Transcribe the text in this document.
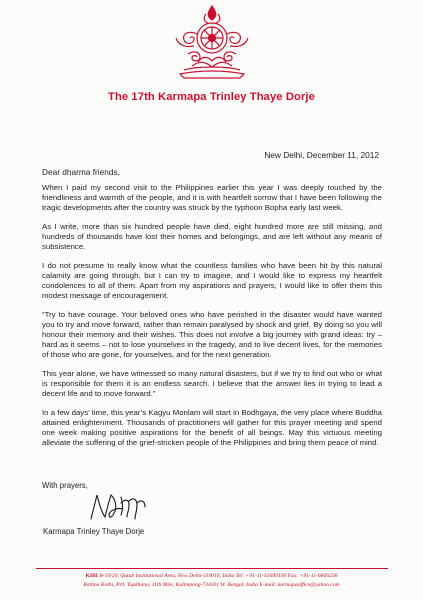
The 17th Karmapa Trinley Thaye Dorje
New Delhi, December 11, 2012
Dear dharma friends,

When I paid my second visit to the Philippines earlier this year I was deeply touched by the friendliness and warmth of the people, and it is with heartfelt sorrow that I have been following the tragic developments after the country was struck by the typhoon Bopha early last week.

As I write, more than six hundred people have died, eight hundred more are still missing, and hundreds of thousands have lost their homes and belongings, and are left without any means of subsistence.

I do not presume to really know what the countless families who have been hit by this natural calamity are going through, but I can try to imagine, and I would like to express my heartfelt condolences to all of them. Apart from my aspirations and prayers, I would like to offer them this modest message of encouragement.

“Try to have courage. Your beloved ones who have perished in the disaster would have wanted you to try and move forward, rather than remain paralysed by shock and grief. By doing so you will honour their memory and their wishes. This does not involve a big journey with grand ideas: try – hard as it seems – not to lose yourselves in the tragedy, and to live decent lives, for the memories of those who are gone, for yourselves, and for the next generation.

This year alone, we have witnessed so many natural disasters, but if we try to find out who or what is responsible for them it is an endless search. I believe that the answer lies in trying to lead a decent life and to move forward.”

In a few days’ time, this year’s Kagyu Monlam will start in Bodhgaya, the very place where Buddha attained enlightenment. Thousands of practitioners will gather for this prayer meeting and spend one week making positive aspirations for the benefit of all beings. May this virtuous meeting alleviate the suffering of the grief-stricken people of the Philippines and bring them peace of mind.

With prayers,
Karmapa Trinley Thaye Dorje
KIBI B-19/20, Qutub Institutional Area, New Delhi-110016, India Tel: +91-11-41689190 Fax: +91-11-6866238
Rathna Kothi, P.O. Topkhana, 11th Mile, Kalimpong-734301 W. Bengal, India E-mail: karmapaoffice@yahoo.com
